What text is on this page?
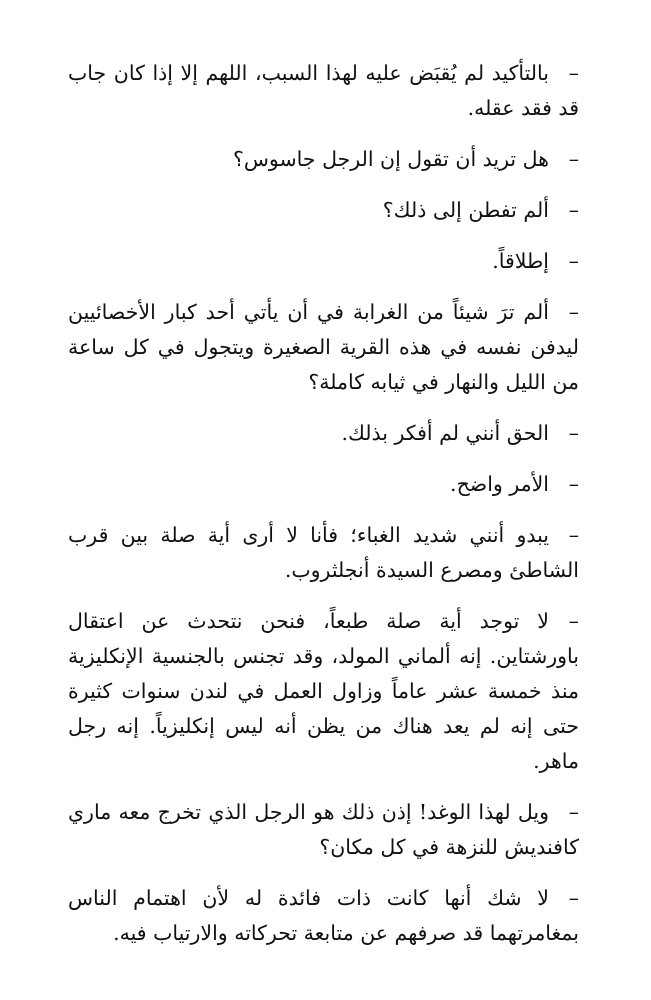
–بالتأكيد لم يُقبَض عليه لهذا السبب، اللهم إلا إذا كان جاب قد فقد عقله.

–هل تريد أن تقول إن الرجل جاسوس؟

–ألم تفطن إلى ذلك؟

–إطلاقاً.

–ألم ترَ شيئاً من الغرابة في أن يأتي أحد كبار الأخصائيين ليدفن نفسه في هذه القرية الصغيرة ويتجول في كل ساعة من الليل والنهار في ثيابه كاملة؟

–الحق أنني لم أفكر بذلك.

–الأمر واضح.

–يبدو أنني شديد الغباء؛ فأنا لا أرى أية صلة بين قرب الشاطئ ومصرع السيدة أنجلثروب.

–لا توجد أية صلة طبعاً، فنحن نتحدث عن اعتقال باورشتاين. إنه ألماني المولد، وقد تجنس بالجنسية الإنكليزية منذ خمسة عشر عاماً وزاول العمل في لندن سنوات كثيرة حتى إنه لم يعد هناك من يظن أنه ليس إنكليزياً. إنه رجل ماهر.

–ويل لهذا الوغد! إذن ذلك هو الرجل الذي تخرج معه ماري كافنديش للنزهة في كل مكان؟

–لا شك أنها كانت ذات فائدة له لأن اهتمام الناس بمغامرتهما قد صرفهم عن متابعة تحركاته والارتياب فيه.
